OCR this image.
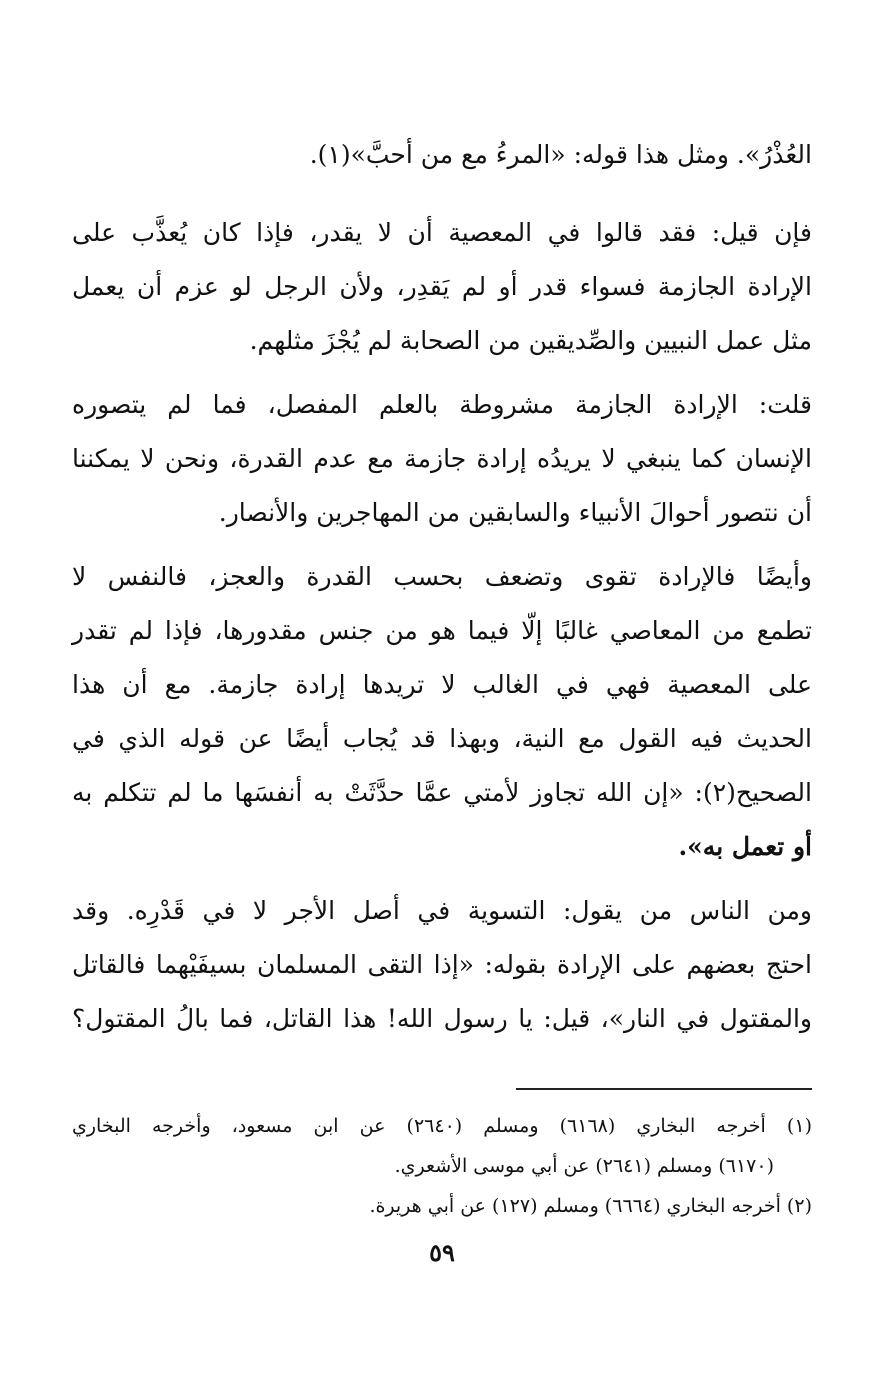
العُذْرُ». ومثل هذا قوله: «المرءُ مع من أحبَّ»(١).
فإن قيل: فقد قالوا في المعصية أن لا يقدر، فإذا كان يُعذَّب على
الإرادة الجازمة فسواء قدر أو لم يَقدِر، ولأن الرجل لو عزم أن يعمل
مثل عمل النبيين والصِّديقين من الصحابة لم يُجْزَ مثلهم.
قلت: الإرادة الجازمة مشروطة بالعلم المفصل، فما لم يتصوره
الإنسان كما ينبغي لا يريدُه إرادة جازمة مع عدم القدرة، ونحن لا يمكننا
أن نتصور أحوالَ الأنبياء والسابقين من المهاجرين والأنصار.
وأيضًا فالإرادة تقوى وتضعف بحسب القدرة والعجز، فالنفس لا
تطمع من المعاصي غالبًا إلّا فيما هو من جنس مقدورها، فإذا لم تقدر
على المعصية فهي في الغالب لا تريدها إرادة جازمة. مع أن هذا
الحديث فيه القول مع النية، وبهذا قد يُجاب أيضًا عن قوله الذي في
الصحيح(٢): «إن الله تجاوز لأمتي عمَّا حدَّثَتْ به أنفسَها ما لم تتكلم به
أو تعمل به».
ومن الناس من يقول: التسوية في أصل الأجر لا في قَدْرِه. وقد
احتج بعضهم على الإرادة بقوله: «إذا التقى المسلمان بسيفَيْهما فالقاتل
والمقتول في النار»، قيل: يا رسول الله! هذا القاتل، فما بالُ المقتول؟
(١) أخرجه البخاري (٦١٦٨) ومسلم (٢٦٤٠) عن ابن مسعود، وأخرجه البخاري
(٦١٧٠) ومسلم (٢٦٤١) عن أبي موسى الأشعري.
(٢) أخرجه البخاري (٦٦٦٤) ومسلم (١٢٧) عن أبي هريرة.
٥٩
